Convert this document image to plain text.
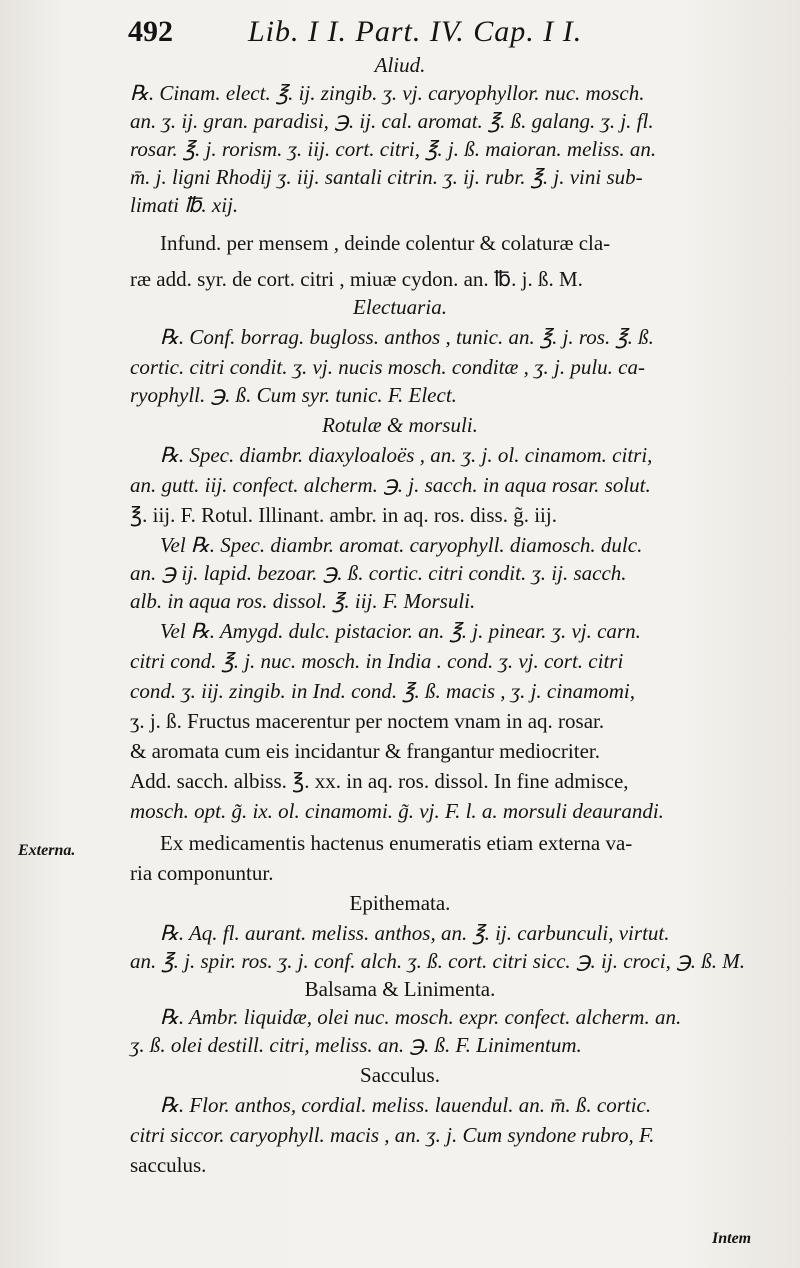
492	Lib. I I. Part. IV. Cap. I I.
Aliud.
℞. Cinam. elect. ℥. ij. zingib. ʒ. vj. caryophyllor. nuc. mosch.
an. ʒ. ij. gran. paradisi, ℈. ij. cal. aromat. ℥. ß. galang. ʒ. j. fl.
rosar. ℥. j. rorism. ʒ. iij. cort. citri, ℥. j. ß. maioran. meliss. an.
m̄. j. ligni Rhodij ʒ. iij. santali citrin. ʒ. ij. rubr. ℥. j. vini sub-
limati ℔. xij.
Infund. per mensem , deinde colentur & colaturæ cla-
ræ add. syr. de cort. citri , miuæ cydon. an. ℔. j. ß. M.
Electuaria.
℞. Conf. borrag. bugloss. anthos , tunic. an. ℥. j. ros. ℥. ß.
cortic. citri condit. ʒ. vj. nucis mosch. conditæ , ʒ. j. pulu. ca-
ryophyll. ℈. ß. Cum syr. tunic. F. Elect.
Rotulæ & morsuli.
℞. Spec. diambr. diaxyloaloës , an. ʒ. j. ol. cinamom. citri,
an. gutt. iij. confect. alcherm. ℈. j. sacch. in aqua rosar. solut.
℥. iij. F. Rotul. Illinant. ambr. in aq. ros. diss. g̃. iij.
Vel ℞. Spec. diambr. aromat. caryophyll. diamosch. dulc.
an. ℈ ij. lapid. bezoar. ℈. ß. cortic. citri condit. ʒ. ij. sacch.
alb. in aqua ros. dissol. ℥. iij. F. Morsuli.
Vel ℞. Amygd. dulc. pistacior. an. ℥. j. pinear. ʒ. vj. carn.
citri cond. ℥. j. nuc. mosch. in India . cond. ʒ. vj. cort. citri
cond. ʒ. iij. zingib. in Ind. cond. ℥. ß. macis , ʒ. j. cinamomi,
ʒ. j. ß. Fructus macerentur per noctem vnam in aq. rosar.
& aromata cum eis incidantur & frangantur mediocriter.
Add. sacch. albiss. ℥. xx. in aq. ros. dissol. In fine admisce,
mosch. opt. g̃. ix. ol. cinamomi. g̃. vj. F. l. a. morsuli deaurandi.
Ex medicamentis hactenus enumeratis etiam externa va-
ria componuntur.
Epithemata.
℞. Aq. fl. aurant. meliss. anthos, an. ℥. ij. carbunculi, virtut.
an. ℥. j. spir. ros. ʒ. j. conf. alch. ʒ. ß. cort. citri sicc. ℈. ij. croci, ℈. ß. M.
Balsama & Linimenta.
℞. Ambr. liquidæ, olei nuc. mosch. expr. confect. alcherm. an.
ʒ. ß. olei destill. citri, meliss. an. ℈. ß. F. Linimentum.
Sacculus.
℞. Flor. anthos, cordial. meliss. lauendul. an. m̄. ß. cortic.
citri siccor. caryophyll. macis , an. ʒ. j. Cum syndone rubro, F.
sacculus.
Externa.
Intem
